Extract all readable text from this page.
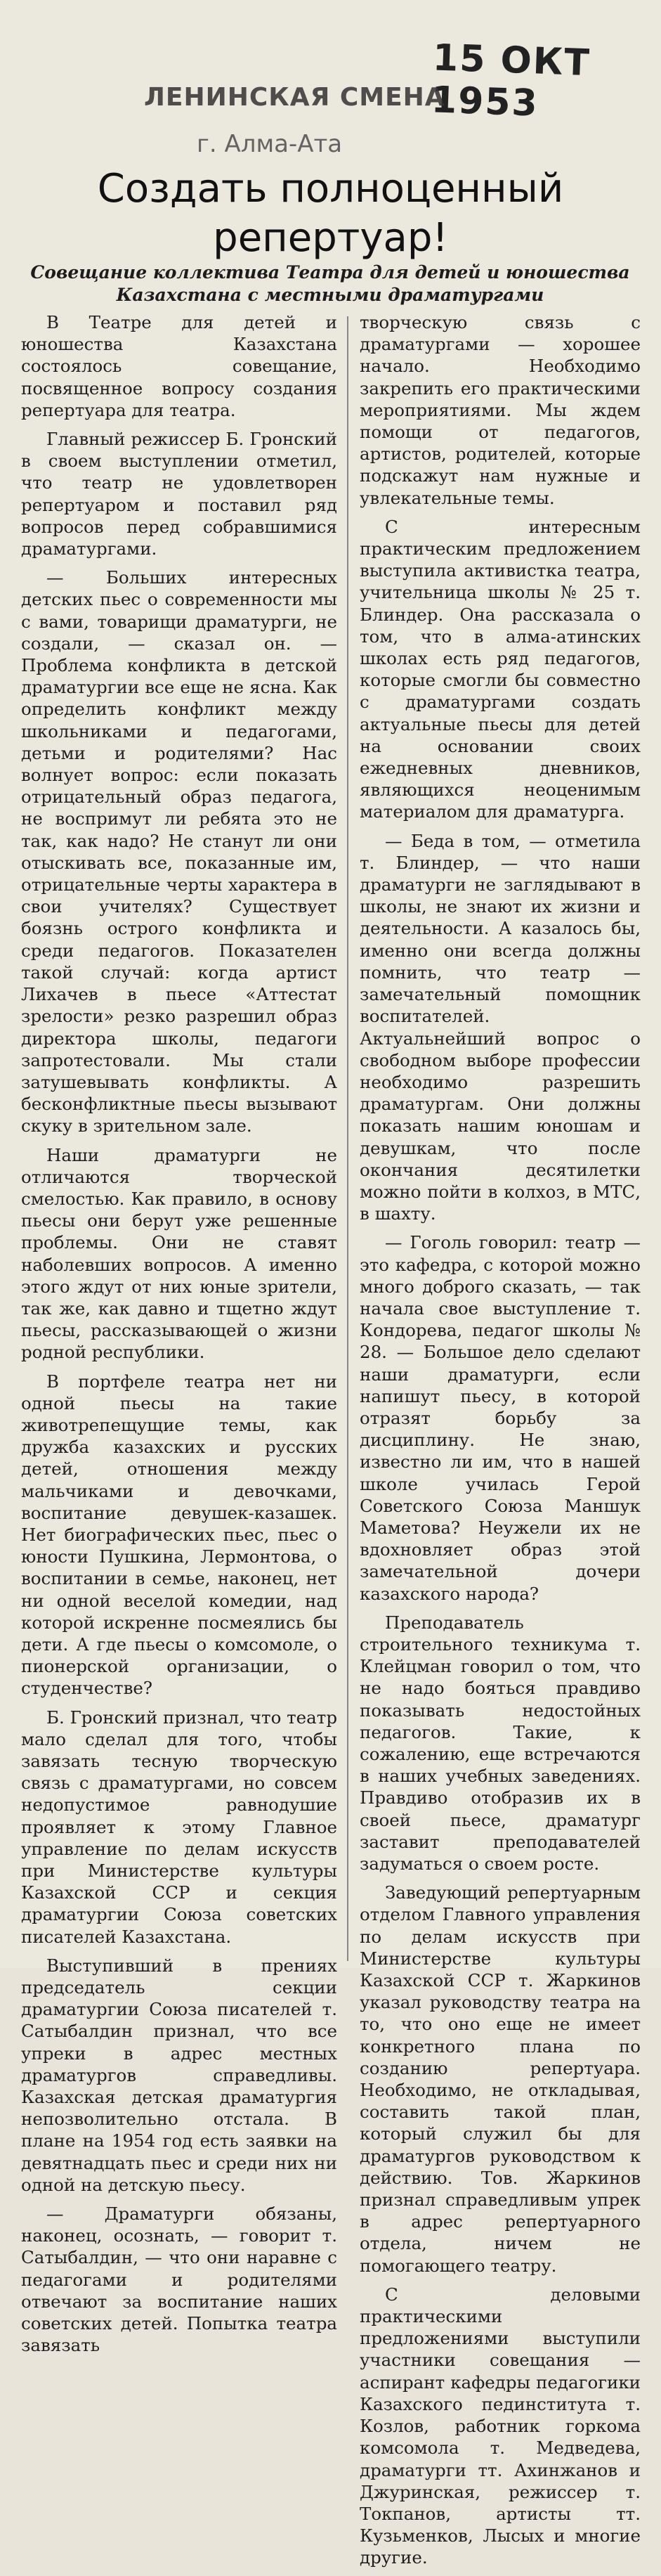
15 ОКТ 1953
ЛЕНИНСКАЯ СМЕНА
г. Алма-Ата
Создать полноценный
репертуар!
Совещание коллектива Театра для детей и юношества Казахстана с местными драматургами

В Театре для детей и юношества Казахстана состоялось совещание, посвященное вопросу создания репертуара для театра.

Главный режиссер Б. Гронский в своем выступлении отметил, что театр не удовлетворен репертуаром и поставил ряд вопросов перед собравшимися драматургами.

— Больших интересных детских пьес о современности мы с вами, товарищи драматурги, не создали, — сказал он. — Проблема конфликта в детской драматургии все еще не ясна. Как определить конфликт между школьниками и педагогами, детьми и родителями? Нас волнует вопрос: если показать отрицательный образ педагога, не воспримут ли ребята это не так, как надо? Не станут ли они отыскивать все, показанные им, отрицательные черты характера в свои учителях? Существует боязнь острого конфликта и среди педагогов. Показателен такой случай: когда артист Лихачев в пьесе «Аттестат зрелости» резко разрешил образ директора школы, педагоги запротестовали. Мы стали затушевывать конфликты. А бесконфликтные пьесы вызывают скуку в зрительном зале.

Наши драматурги не отличаются творческой смелостью. Как правило, в основу пьесы они берут уже решенные проблемы. Они не ставят наболевших вопросов. А именно этого ждут от них юные зрители, так же, как давно и тщетно ждут пьесы, рассказывающей о жизни родной республики.

В портфеле театра нет ни одной пьесы на такие животрепещущие темы, как дружба казахских и русских детей, отношения между мальчиками и девочками, воспитание девушек-казашек. Нет биографических пьес, пьес о юности Пушкина, Лермонтова, о воспитании в семье, наконец, нет ни одной веселой комедии, над которой искренне посмеялись бы дети. А где пьесы о комсомоле, о пионерской организации, о студенчестве?

Б. Гронский признал, что театр мало сделал для того, чтобы завязать тесную творческую связь с драматургами, но совсем недопустимое равнодушие проявляет к этому Главное управление по делам искусств при Министерстве культуры Казахской ССР и секция драматургии Союза советских писателей Казахстана.

Выступивший в прениях председатель секции драматургии Союза писателей т. Сатыбалдин признал, что все упреки в адрес местных драматургов справедливы. Казахская детская драматургия непозволительно отстала. В плане на 1954 год есть заявки на девятнадцать пьес и среди них ни одной на детскую пьесу.

— Драматурги обязаны, наконец, осознать, — говорит т. Сатыбалдин, — что они наравне с педагогами и родителями отвечают за воспитание наших советских детей. Попытка театра завязать

творческую связь с драматургами — хорошее начало. Необходимо закрепить его практическими мероприятиями. Мы ждем помощи от педагогов, артистов, родителей, которые подскажут нам нужные и увлекательные темы.

С интересным практическим предложением выступила активистка театра, учительница школы № 25 т. Блиндер. Она рассказала о том, что в алма-атинских школах есть ряд педагогов, которые смогли бы совместно с драматургами создать актуальные пьесы для детей на основании своих ежедневных дневников, являющихся неоценимым материалом для драматурга.

— Беда в том, — отметила т. Блиндер, — что наши драматурги не заглядывают в школы, не знают их жизни и деятельности. А казалось бы, именно они всегда должны помнить, что театр — замечательный помощник воспитателей. Актуальнейший вопрос о свободном выборе профессии необходимо разрешить драматургам. Они должны показать нашим юношам и девушкам, что после окончания десятилетки можно пойти в колхоз, в МТС, в шахту.

— Гоголь говорил: театр — это кафедра, с которой можно много доброго сказать, — так начала свое выступление т. Кондорева, педагог школы № 28. — Большое дело сделают наши драматурги, если напишут пьесу, в которой отразят борьбу за дисциплину. Не знаю, известно ли им, что в нашей школе училась Герой Советского Союза Маншук Маметова? Неужели их не вдохновляет образ этой замечательной дочери казахского народа?

Преподаватель строительного техникума т. Клейцман говорил о том, что не надо бояться правдиво показывать недостойных педагогов. Такие, к сожалению, еще встречаются в наших учебных заведениях. Правдиво отобразив их в своей пьесе, драматург заставит преподавателей задуматься о своем росте.

Заведующий репертуарным отделом Главного управления по делам искусств при Министерстве культуры Казахской ССР т. Жаркинов указал руководству театра на то, что оно еще не имеет конкретного плана по созданию репертуара. Необходимо, не откладывая, составить такой план, который служил бы для драматургов руководством к действию. Тов. Жаркинов признал справедливым упрек в адрес репертуарного отдела, ничем не помогающего театру.

С деловыми практическими предложениями выступили участники совещания — аспирант кафедры педагогики Казахского пединститута т. Козлов, работник горкома комсомола т. Медведева, драматурги тт. Ахинжанов и Джуринская, режиссер т. Токпанов, артисты тт. Кузьменков, Лысых и многие другие.
